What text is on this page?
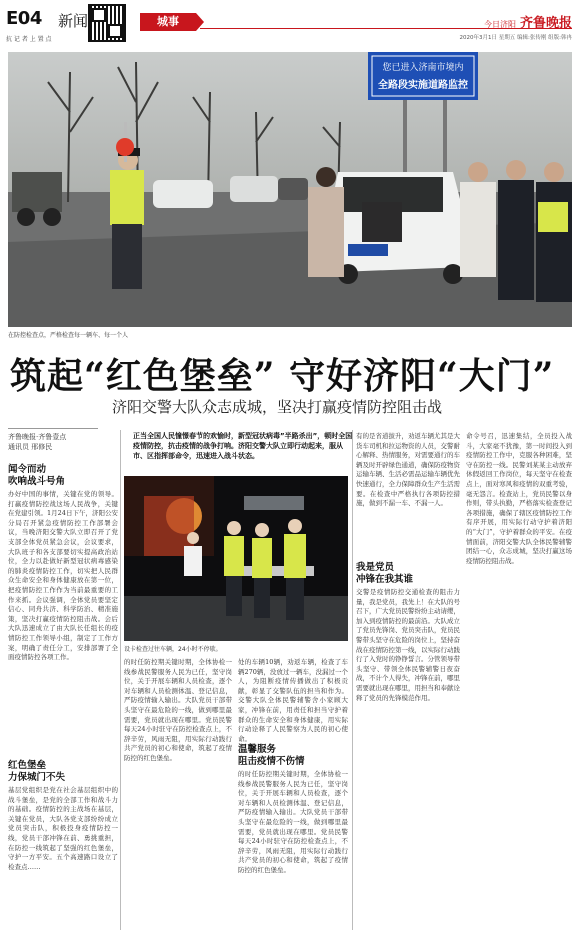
E04 新闻
抗 记 者 上 置 点
城事	今日济阳 齐鲁晚报
2020年3月1日 星期五 编辑:张传刚 组版:韩冉
您已进入济南市境内
全路段实施道路监控
在防控检查点，严格检查每一辆车、每一个人
筑起“红色堡垒” 守好济阳“大门”
济阳交警大队众志成城，坚决打赢疫情防控阻击战
齐鲁晚报·齐鲁壹点
通讯员 邢修民
正当全国人民憧憬春节的欢愉时，新型冠状病毒”半路杀出”，顿时全国疫情防控，抗击疫情的战争打响。济阳交警大队立即行动起来，服从市、区指挥部命令，迅速进入战斗状态。
闻令而动
吹响战斗号角
办好中国的事情，关键在党的领导。打赢疫情防控战这场人民战争，关键在党建引领。1月24日下午，济阳公安分局召开紧急疫情防控工作部署会议，当晚济阳交警大队立即召开了党支部全体党员紧急会议，会议要求，大队班子和各支部要切实提高政治站位，全力以赴做好新型冠状病毒感染的肺炎疫情防控工作，切实把人民群众生命安全和身体健康放在第一位，把疫情防控工作作为当前最重要的工作来抓。会议强调，全体党员要坚定信心、同舟共济、科学防治、精准施策，坚决打赢疫情防控阻击战。会后大队迅速成立了由大队长任组长的疫情防控工作领导小组，制定了工作方案，明确了责任分工，安排部署了全面疫情防控各项工作。
红色堡垒
力保城门不失
基层党组织是党在社会基层组织中的战斗堡垒，是党的全部工作和战斗力的基础。疫情防控的主战场在基层，关键在党员，大队各党支部纷纷成立党员突击队，积极投身疫情防控一线，党员干部冲锋在前、勇挑重担，在防控一线筑起了坚强的红色堡垒，守护一方平安。五个高速路口设立了检查点……
设卡检查过往车辆，24小时不停歇。
的时任防控期关键时期，全体协检一线参战民警服务人民为已任，坚守岗位，关于开展车辆和人员检查，逐个对车辆和人员检测体温、登记信息，严防疫情输入输出。大队党员干部带头坚守在最危险的一线，做到哪里最需要，党员就出现在哪里。党员民警每天24小时驻守在防控检查点上，不辞辛劳，风雨无阻，用实际行动践行共产党员的初心和使命，筑起了疫情防控的红色堡垒。
处的车辆10辆，劝返车辆，检查了车辆270辆，没放过一辆车，没漏过一个人，为阻断疫情传播做出了积极贡献，彰显了交警队伍的担当和作为。交警大队全体民警辅警舍小家顾大家，冲锋在前，用责任和担当守护着群众的生命安全和身体健康，用实际行动诠释了人民警察为人民的初心使命。
温馨服务
阻击疫情不伤情
的时任防控期关键时期，全体协检一线参战民警服务人民为已任，坚守岗位，关于开展车辆和人员检查，逐个对车辆和人员检测体温、登记信息，严防疫情输入输出。大队党员干部带头坚守在最危险的一线，做到哪里最需要，党员就出现在哪里。党员民警每天24小时驻守在防控检查点上，不辞辛劳，风雨无阻，用实际行动践行共产党员的初心和使命，筑起了疫情防控的红色堡垒。
有的是省道拔升，劝返车辆尤其是大货车司机和拉运物资的人员，交警耐心解释、热情服务，对需要通行的车辆及时开辟绿色通道，确保防疫物资运输车辆、生活必需品运输车辆优先快速通行，全力保障群众生产生活需要。在检查中严格执行各项防控措施，做到不漏一车、不漏一人。
我是党员
冲锋在我其谁
交警是疫情防控交通检查的阻击力量，我是党员，我先上！在大队的号召下，广大党员民警纷纷主动请缨，加入到疫情防控的最前沿。大队成立了党员先锋岗、党员突击队，党员民警带头坚守在危险的岗位上，坚持奋战在疫情防控第一线，以实际行动践行了入党时的铮铮誓言。分管领导带头坚守、带领全体民警辅警日夜奋战，不计个人得失，冲锋在前，哪里需要就出现在哪里，用担当和奉献诠释了党员的先锋模范作用。
命令号召，迅速集结，全员投入战斗，大家毫不犹豫，第一时间投入到疫情防控工作中，克服各种困难，坚守在防控一线。民警刘某某主动放弃休假返回工作岗位，每天坚守在检查点上，面对寒风和疫情的双重考验，毫无怨言。检查站上，党员民警以身作则，带头执勤，严格落实检查登记各项措施，确保了辖区疫情防控工作有序开展，用实际行动守护着济阳的“大门”，守护着群众的平安。在疫情面前，济阳交警大队全体民警辅警团结一心，众志成城，坚决打赢这场疫情防控阻击战。
